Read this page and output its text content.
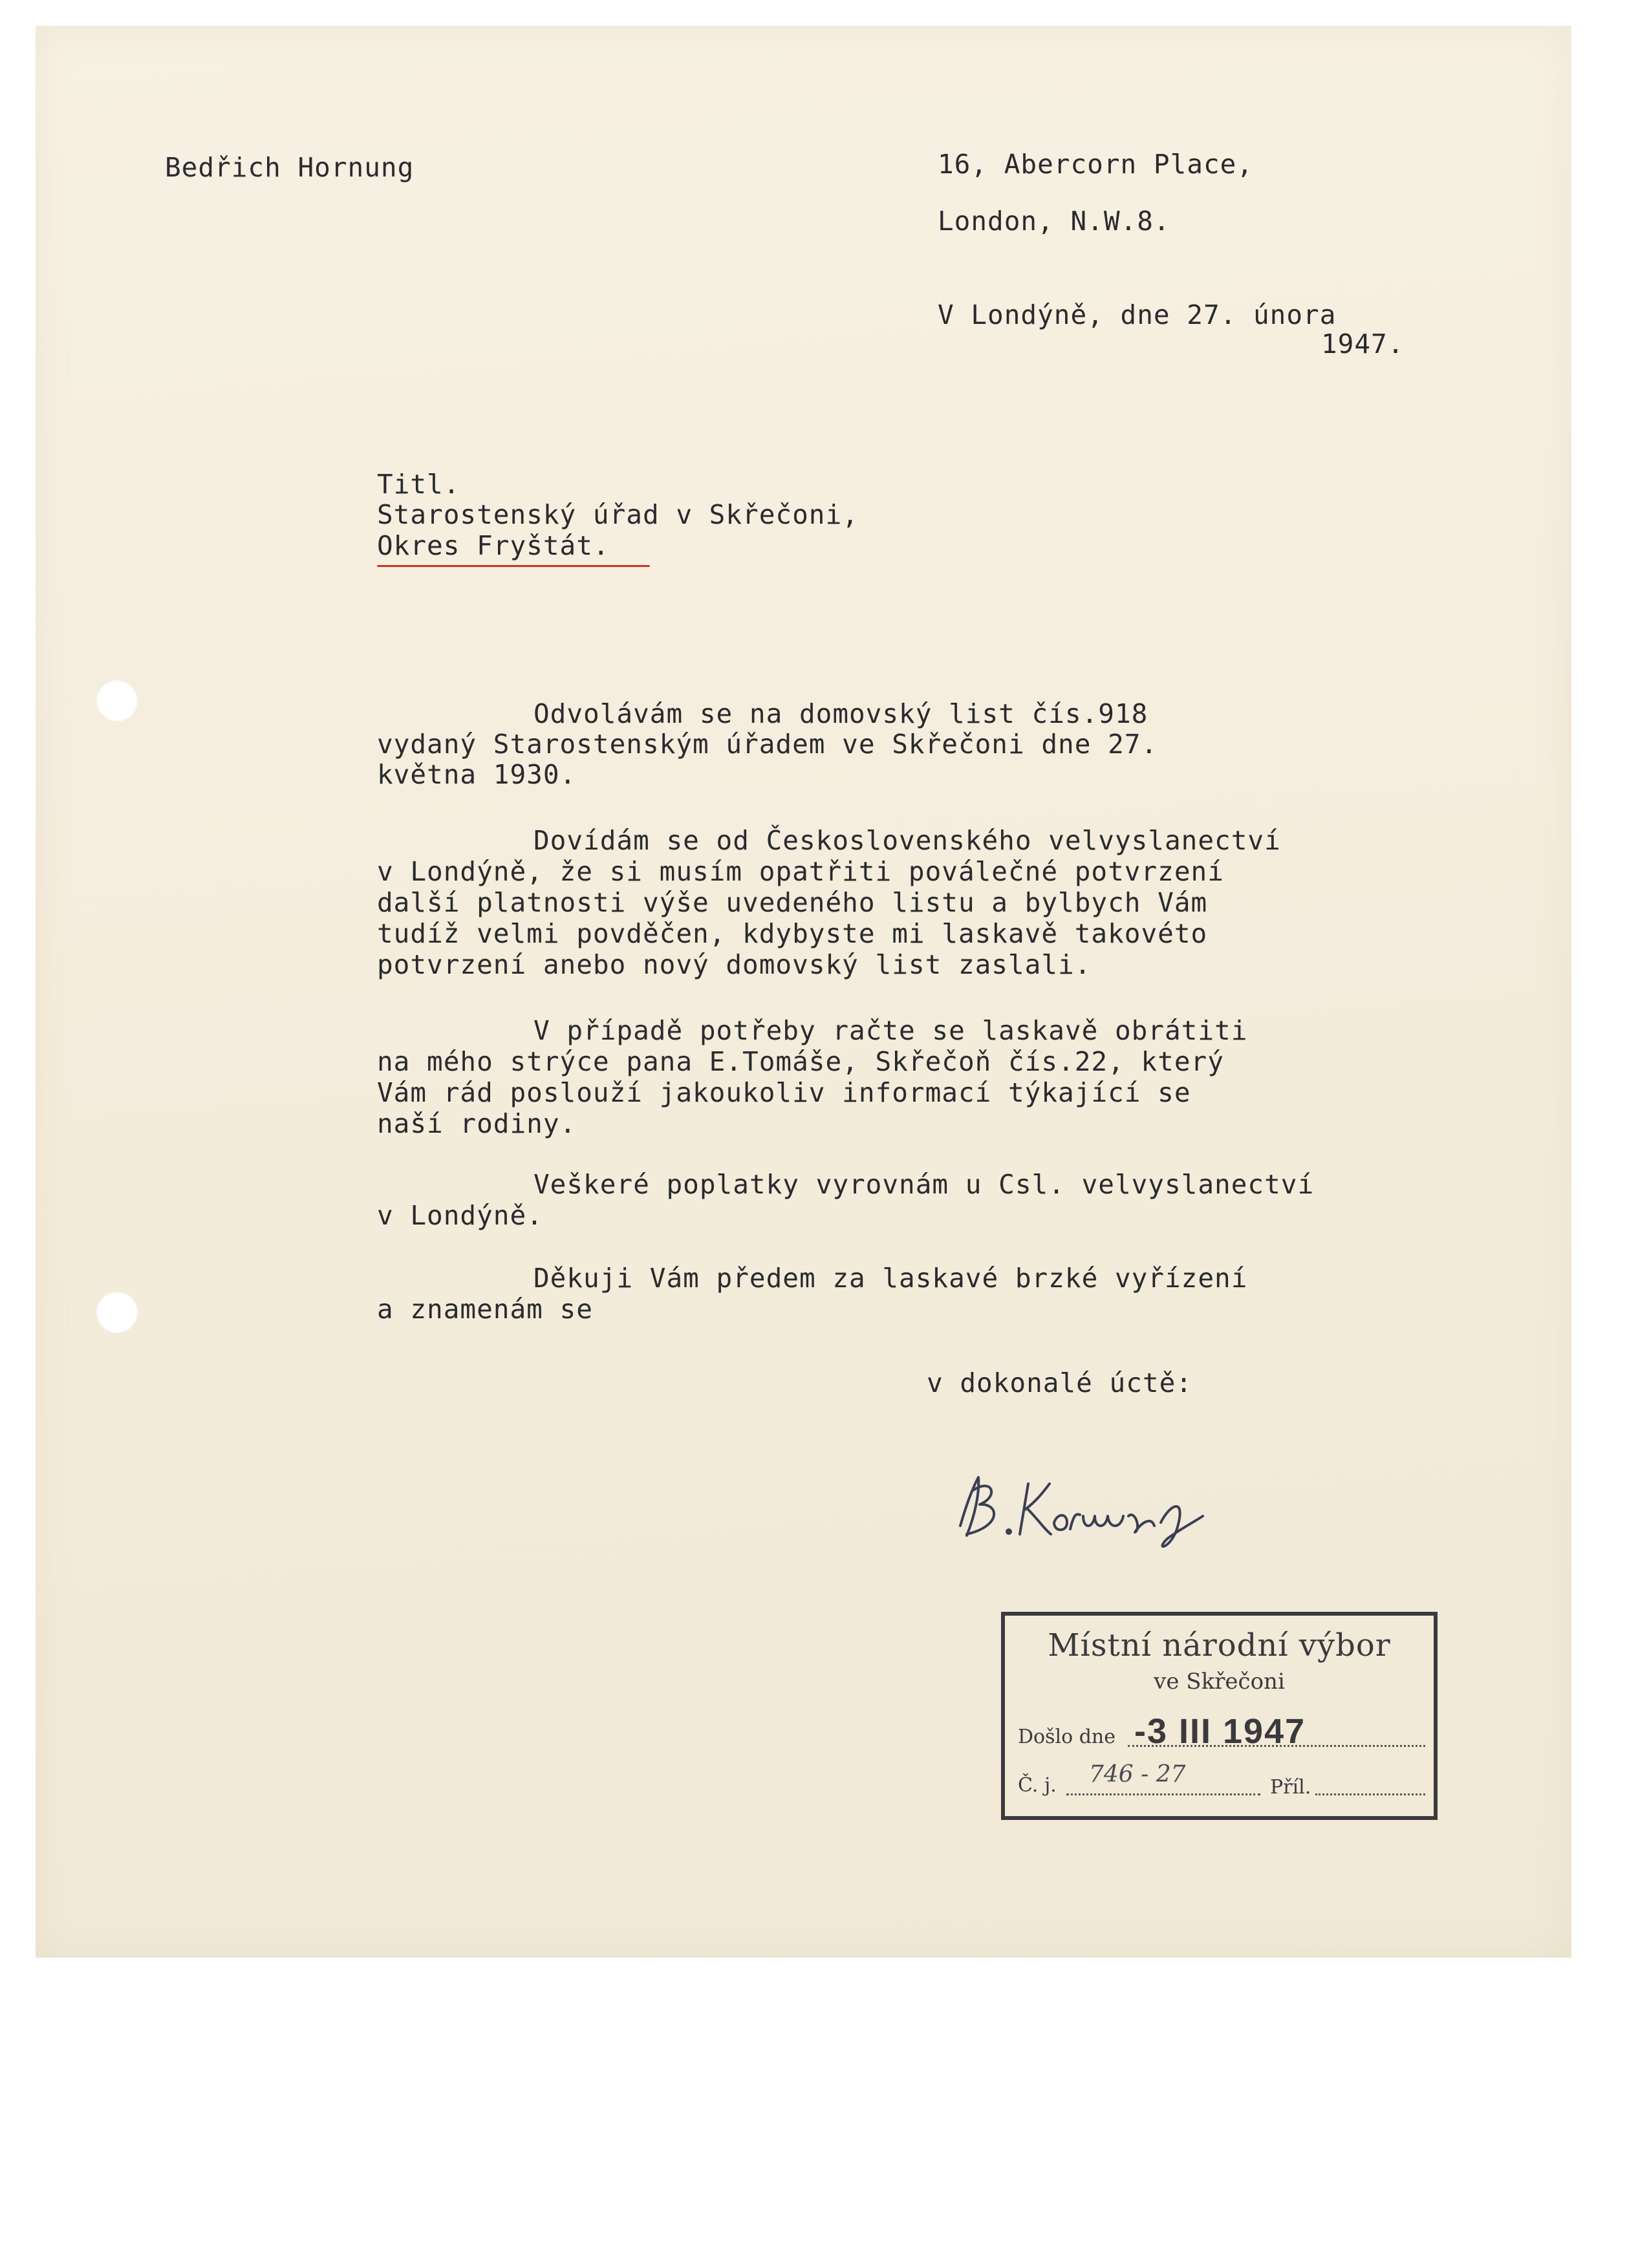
Bedřich Hornung	16, Abercorn Place,
London, N.W.8.
V Londýně, dne 27. února
1947.
Titl.
Starostenský úřad v Skřečoni,
Okres Fryštát.
Odvolávám se na domovský list čís.918
vydaný Starostenským úřadem ve Skřečoni dne 27.
května 1930.
Dovídám se od Československého velvyslanectví
v Londýně, že si musím opatřiti poválečné potvrzení
další platnosti výše uvedeného listu a bylbych Vám
tudíž velmi povděčen, kdybyste mi laskavě takovéto
potvrzení anebo nový domovský list zaslali.
V případě potřeby račte se laskavě obrátiti
na mého strýce pana E.Tomáše, Skřečoň čís.22, který
Vám rád poslouží jakoukoliv informací týkající se
naší rodiny.
Veškeré poplatky vyrovnám u Csl. velvyslanectví
v Londýně.
Děkuji Vám předem za laskavé brzké vyřízení
a znamenám se
v dokonalé úctě:
Místní národní výbor
ve Skřečoni
Došlo dne -3 III 1947
Č. j.	746 - 27	Příl.
